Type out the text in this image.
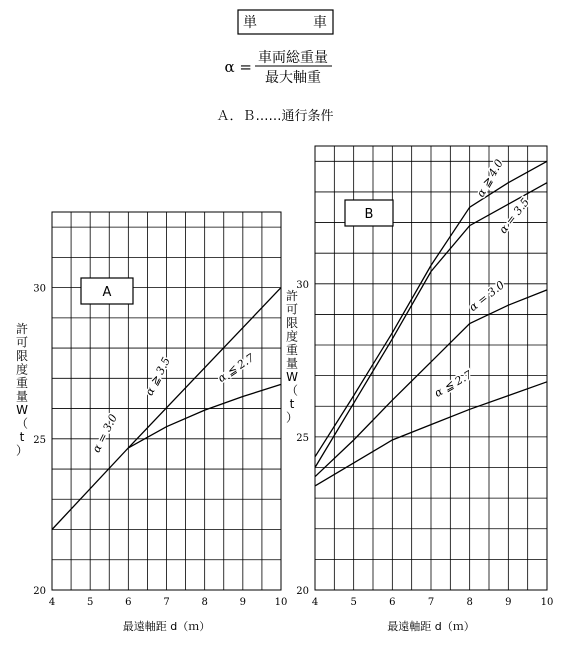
単　　　　車
α = 車両総重量
最大軸重
Ａ．Ｂ……通行条件
4	5	6	7	8	9	10
20
25
30
最遠軸距 d（ｍ）
許
可
限
度
重
量
W
（
t
）
A
α = 3.0
α ≧ 3.5	α ≦ 2.7
4	5	6	7	8	9	10
20
25
30
最遠軸距 d（ｍ）
許
可
限
度
重
量
W
（
t
）
B
α ≧ 4.0
α = 3.5
α = 3.0
α ≦ 2.7
